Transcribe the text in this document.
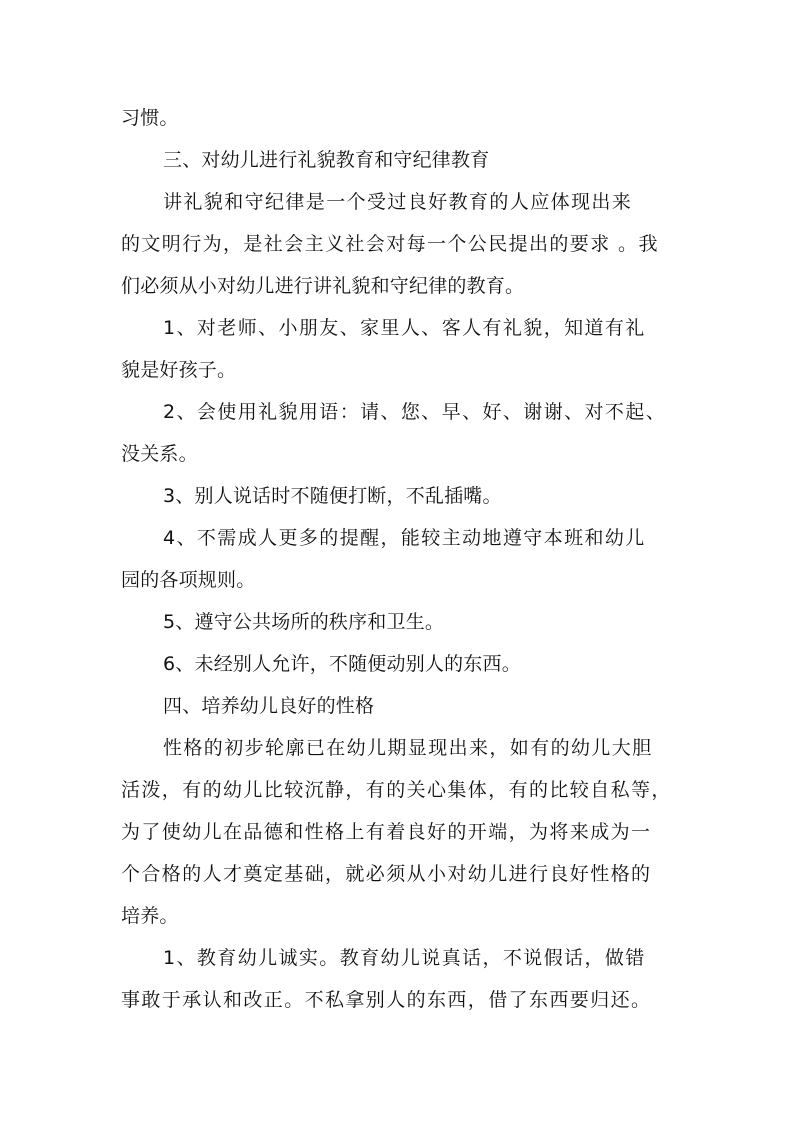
习惯。
三、对幼儿进行礼貌教育和守纪律教育
讲礼貌和守纪律是一个受过良好教育的人应体现出来
的文明行为，是社会主义社会对每一个公民提出的要求 。我
们必须从小对幼儿进行讲礼貌和守纪律的教育。
1、对老师、小朋友、家里人、客人有礼貌，知道有礼
貌是好孩子。
2、会使用礼貌用语：请、您、早、好、谢谢、对不起、
没关系。
3、别人说话时不随便打断，不乱插嘴。
4、不需成人更多的提醒，能较主动地遵守本班和幼儿
园的各项规则。
5、遵守公共场所的秩序和卫生。
6、未经别人允许，不随便动别人的东西。
四、培养幼儿良好的性格
性格的初步轮廓已在幼儿期显现出来，如有的幼儿大胆
活泼，有的幼儿比较沉静，有的关心集体，有的比较自私等，
为了使幼儿在品德和性格上有着良好的开端，为将来成为一
个合格的人才奠定基础，就必须从小对幼儿进行良好性格的
培养。
1、教育幼儿诚实。教育幼儿说真话，不说假话，做错
事敢于承认和改正。不私拿别人的东西，借了东西要归还。
